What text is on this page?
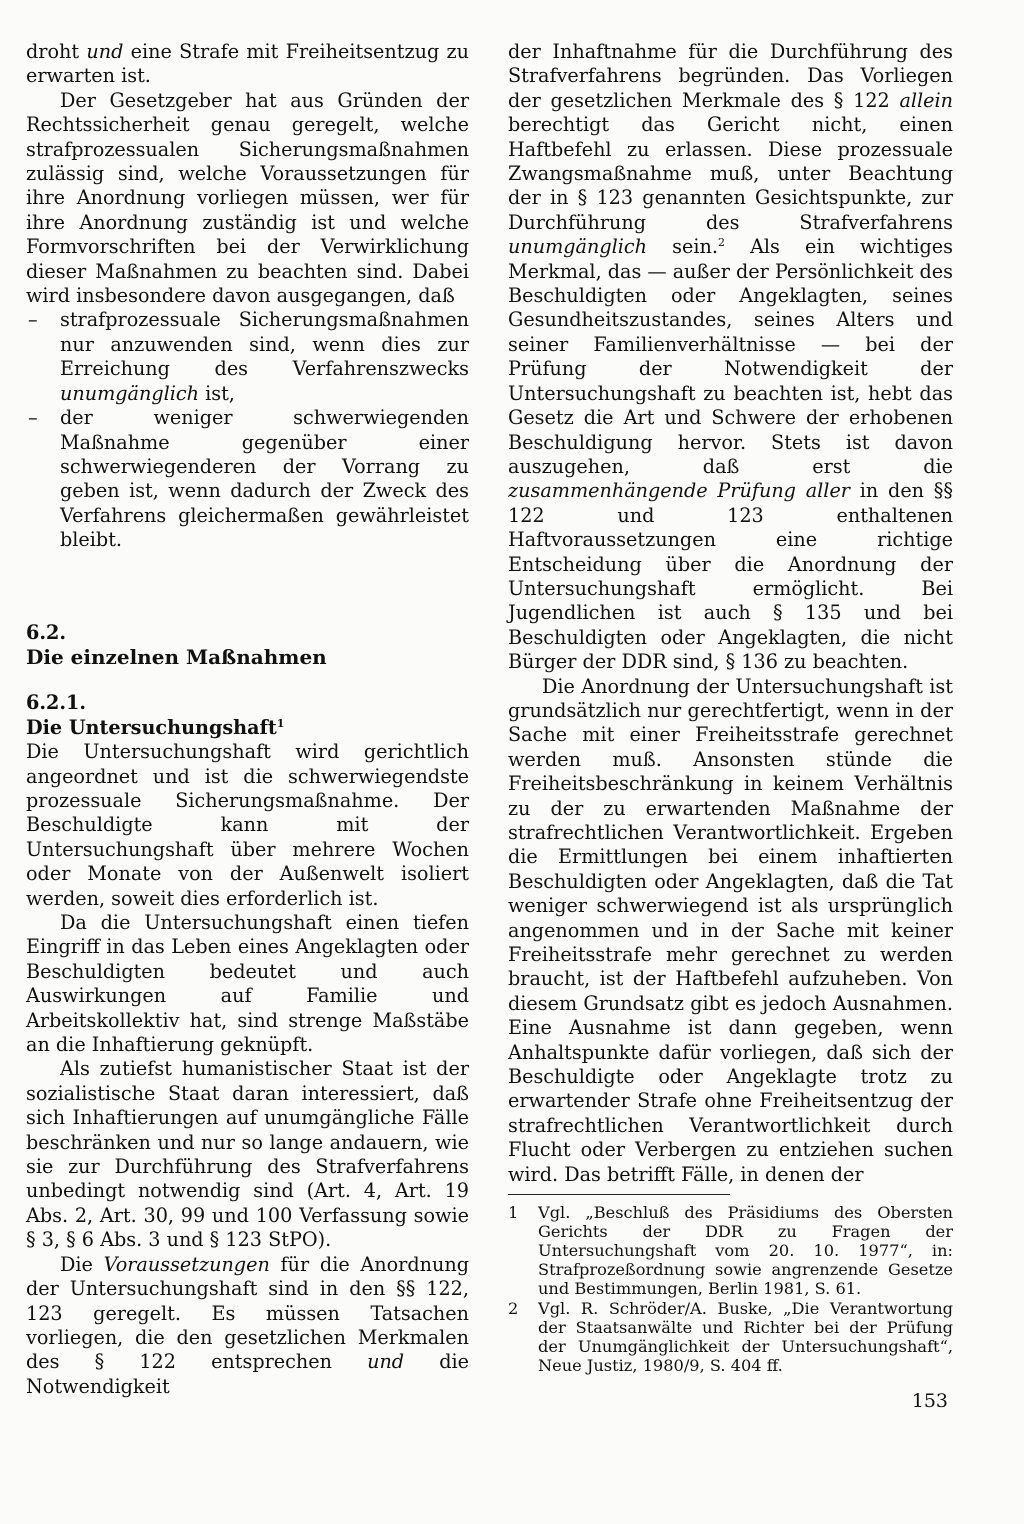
droht und eine Strafe mit Freiheitsentzug zu erwarten ist.

Der Gesetzgeber hat aus Gründen der Rechtssicherheit genau geregelt, welche strafprozessualen Sicherungsmaßnahmen zulässig sind, welche Voraussetzungen für ihre Anordnung vorliegen müssen, wer für ihre Anordnung zuständig ist und welche Formvorschriften bei der Verwirklichung dieser Maßnahmen zu beachten sind. Dabei wird insbesondere davon ausgegangen, daß

– strafprozessuale Sicherungsmaßnahmen nur anzuwenden sind, wenn dies zur Erreichung des Verfahrenszwecks unumgänglich ist,
– der weniger schwerwiegenden Maßnahme gegenüber einer schwerwiegenderen der Vorrang zu geben ist, wenn dadurch der Zweck des Verfahrens gleichermaßen gewährleistet bleibt.
6.2.
Die einzelnen Maßnahmen
6.2.1.
Die Untersuchungshaft$^1$

Die Untersuchungshaft wird gerichtlich angeordnet und ist die schwerwiegendste prozessuale Sicherungsmaßnahme. Der Beschuldigte kann mit der Untersuchungshaft über mehrere Wochen oder Monate von der Außenwelt isoliert werden, soweit dies erforderlich ist.

Da die Untersuchungshaft einen tiefen Eingriff in das Leben eines Angeklagten oder Beschuldigten bedeutet und auch Auswirkungen auf Familie und Arbeitskollektiv hat, sind strenge Maßstäbe an die Inhaftierung geknüpft.

Als zutiefst humanistischer Staat ist der sozialistische Staat daran interessiert, daß sich Inhaftierungen auf unumgängliche Fälle beschränken und nur so lange andauern, wie sie zur Durchführung des Strafverfahrens unbedingt notwendig sind (Art. 4, Art. 19 Abs. 2, Art. 30, 99 und 100 Verfassung sowie § 3, § 6 Abs. 3 und § 123 StPO).

Die Voraussetzungen für die Anordnung der Untersuchungshaft sind in den §§ 122, 123 geregelt. Es müssen Tatsachen vorliegen, die den gesetzlichen Merkmalen des § 122 entsprechen und die Notwendigkeit

der Inhaftnahme für die Durchführung des Strafverfahrens begründen. Das Vorliegen der gesetzlichen Merkmale des § 122 allein berechtigt das Gericht nicht, einen Haftbefehl zu erlassen. Diese prozessuale Zwangsmaßnahme muß, unter Beachtung der in § 123 genannten Gesichtspunkte, zur Durchführung des Strafverfahrens unumgänglich sein.$^2$ Als ein wichtiges Merkmal, das — außer der Persönlichkeit des Beschuldigten oder Angeklagten, seines Gesundheitszustandes, seines Alters und seiner Familienverhältnisse — bei der Prüfung der Notwendigkeit der Untersuchungshaft zu beachten ist, hebt das Gesetz die Art und Schwere der erhobenen Beschuldigung hervor. Stets ist davon auszugehen, daß erst die zusammenhängende Prüfung aller in den §§ 122 und 123 enthaltenen Haftvoraussetzungen eine richtige Entscheidung über die Anordnung der Untersuchungshaft ermöglicht. Bei Jugendlichen ist auch § 135 und bei Beschuldigten oder Angeklagten, die nicht Bürger der DDR sind, § 136 zu beachten.

Die Anordnung der Untersuchungshaft ist grundsätzlich nur gerechtfertigt, wenn in der Sache mit einer Freiheitsstrafe gerechnet werden muß. Ansonsten stünde die Freiheitsbeschränkung in keinem Verhältnis zu der zu erwartenden Maßnahme der strafrechtlichen Verantwortlichkeit. Ergeben die Ermittlungen bei einem inhaftierten Beschuldigten oder Angeklagten, daß die Tat weniger schwerwiegend ist als ursprünglich angenommen und in der Sache mit keiner Freiheitsstrafe mehr gerechnet zu werden braucht, ist der Haftbefehl aufzuheben. Von diesem Grundsatz gibt es jedoch Ausnahmen. Eine Ausnahme ist dann gegeben, wenn Anhaltspunkte dafür vorliegen, daß sich der Beschuldigte oder Angeklagte trotz zu erwartender Strafe ohne Freiheitsentzug der strafrechtlichen Verantwortlichkeit durch Flucht oder Verbergen zu entziehen suchen wird. Das betrifft Fälle, in denen der

1 Vgl. „Beschluß des Präsidiums des Obersten Gerichts der DDR zu Fragen der Untersuchungshaft vom 20. 10. 1977“, in: Strafprozeßordnung sowie angrenzende Gesetze und Bestimmungen, Berlin 1981, S. 61.
2 Vgl. R. Schröder/A. Buske, „Die Verantwortung der Staatsanwälte und Richter bei der Prüfung der Unumgänglichkeit der Untersuchungshaft“, Neue Justiz, 1980/9, S. 404 ff.
153
